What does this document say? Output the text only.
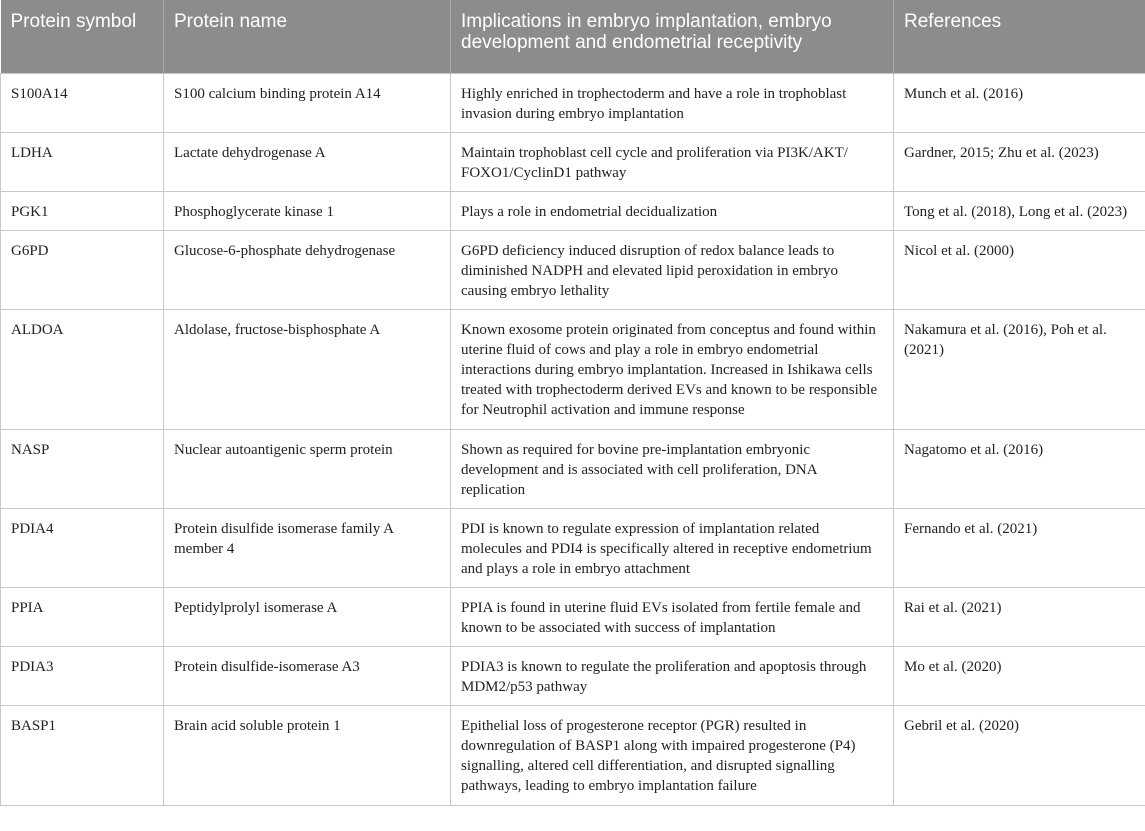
Protein symbol	Protein name	Implications in embryo implantation, embryo development and endometrial receptivity	References
S100A14	S100 calcium binding protein A14	Highly enriched in trophectoderm and have a role in trophoblast invasion during embryo implantation	Munch et al. (2016)
LDHA	Lactate dehydrogenase A	Maintain trophoblast cell cycle and proliferation via PI3K/AKT/ FOXO1/CyclinD1 pathway	Gardner, 2015; Zhu et al. (2023)
PGK1	Phosphoglycerate kinase 1	Plays a role in endometrial decidualization	Tong et al. (2018), Long et al. (2023)
G6PD	Glucose-6-phosphate dehydrogenase	G6PD deficiency induced disruption of redox balance leads to diminished NADPH and elevated lipid peroxidation in embryo causing embryo lethality	Nicol et al. (2000)
ALDOA	Aldolase, fructose-bisphosphate A	Known exosome protein originated from conceptus and found within uterine fluid of cows and play a role in embryo endometrial interactions during embryo implantation. Increased in Ishikawa cells treated with trophectoderm derived EVs and known to be responsible for Neutrophil activation and immune response	Nakamura et al. (2016), Poh et al. (2021)
NASP	Nuclear autoantigenic sperm protein	Shown as required for bovine pre-implantation embryonic development and is associated with cell proliferation, DNA replication	Nagatomo et al. (2016)
PDIA4	Protein disulfide isomerase family A member 4	PDI is known to regulate expression of implantation related molecules and PDI4 is specifically altered in receptive endometrium and plays a role in embryo attachment	Fernando et al. (2021)
PPIA	Peptidylprolyl isomerase A	PPIA is found in uterine fluid EVs isolated from fertile female and known to be associated with success of implantation	Rai et al. (2021)
PDIA3	Protein disulfide-isomerase A3	PDIA3 is known to regulate the proliferation and apoptosis through MDM2/p53 pathway	Mo et al. (2020)
BASP1	Brain acid soluble protein 1	Epithelial loss of progesterone receptor (PGR) resulted in downregulation of BASP1 along with impaired progesterone (P4) signalling, altered cell differentiation, and disrupted signalling pathways, leading to embryo implantation failure	Gebril et al. (2020)
